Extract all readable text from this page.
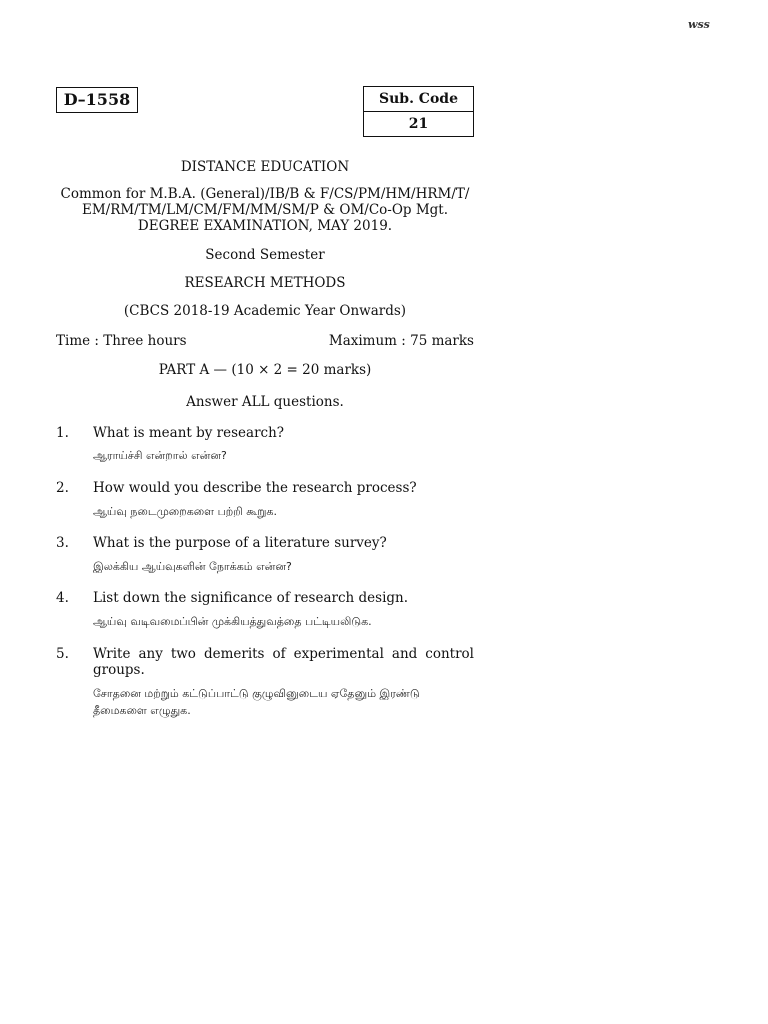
wss
D–1558	Sub. Code
21

DISTANCE EDUCATION

Common for M.B.A. (General)/IB/B & F/CS/PM/HM/HRM/T/

EM/RM/TM/LM/CM/FM/MM/SM/P & OM/Co-Op Mgt.

DEGREE EXAMINATION, MAY 2019.

Second Semester

RESEARCH METHODS

(CBCS 2018-19 Academic Year Onwards)

Time : Three hours	Maximum : 75 marks

PART A — (10 × 2 = 20 marks)

Answer ALL questions.

1. What is meant by research?
ஆராய்ச்சி என்றால் என்ன?
2. How would you describe the research process?
ஆய்வு நடைமுறைகளை பற்றி கூறுக.
3. What is the purpose of a literature survey?
இலக்கிய ஆய்வுகளின் நோக்கம் என்ன?
4. List down the significance of research design.
ஆய்வு வடிவமைப்பின் முக்கியத்துவத்தை பட்டியலிடுக.
5. Write any two demerits of experimental and control groups.
சோதனை மற்றும் கட்டுப்பாட்டு குழுவினுடைய ஏதேனும் இரண்டு தீமைகளை எழுதுக.
